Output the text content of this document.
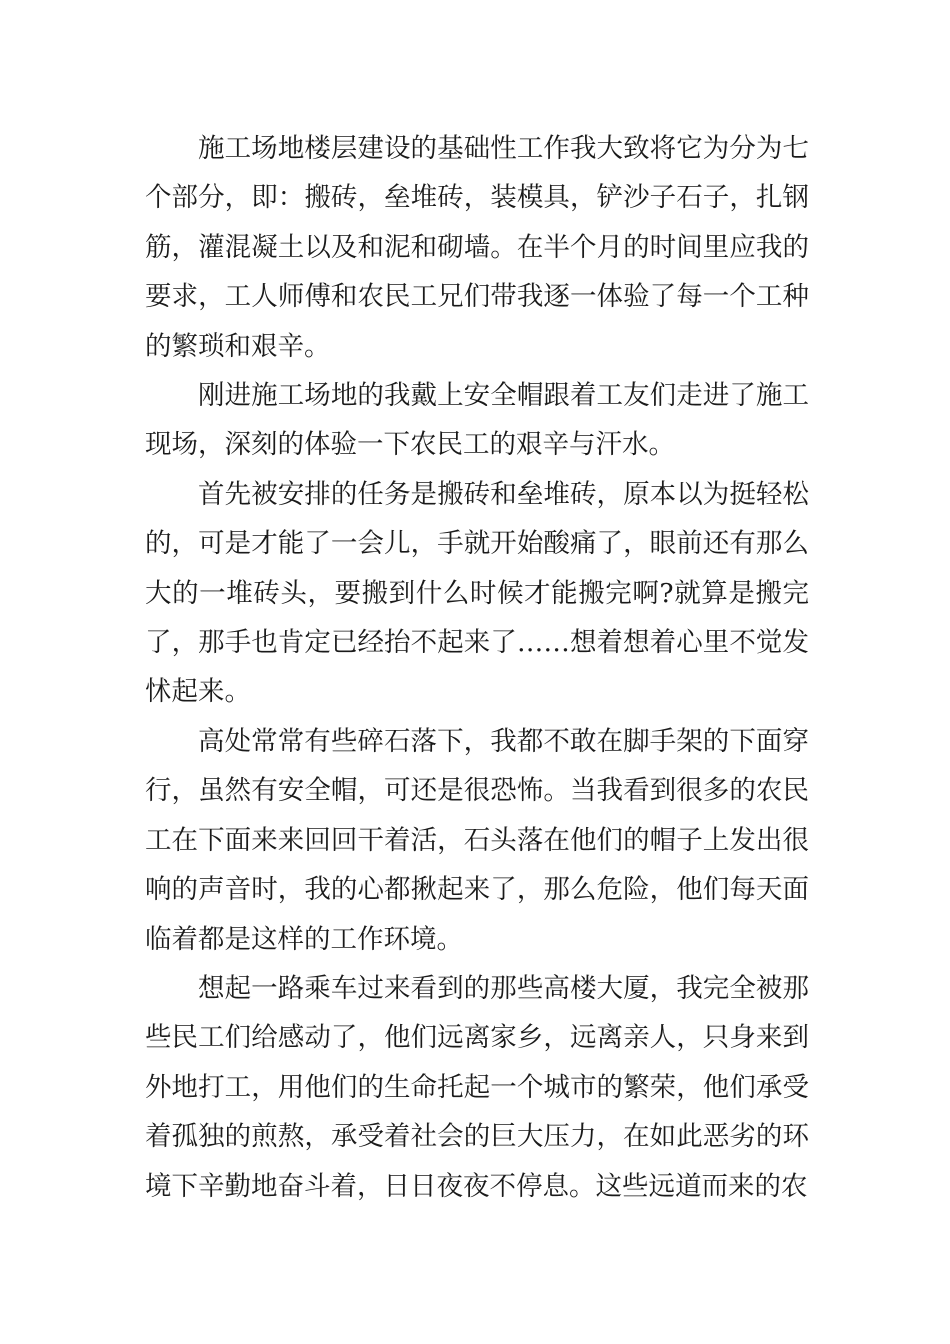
施工场地楼层建设的基础性工作我大致将它为分为七个部分，即：搬砖，垒堆砖，装模具，铲沙子石子，扎钢筋，灌混凝土以及和泥和砌墙。在半个月的时间里应我的要求，工人师傅和农民工兄们带我逐一体验了每一个工种的繁琐和艰辛。

刚进施工场地的我戴上安全帽跟着工友们走进了施工现场，深刻的体验一下农民工的艰辛与汗水。

首先被安排的任务是搬砖和垒堆砖，原本以为挺轻松的，可是才能了一会儿，手就开始酸痛了，眼前还有那么大的一堆砖头，要搬到什么时候才能搬完啊?就算是搬完了，那手也肯定已经抬不起来了……想着想着心里不觉发怵起来。

高处常常有些碎石落下，我都不敢在脚手架的下面穿行，虽然有安全帽，可还是很恐怖。当我看到很多的农民工在下面来来回回干着活，石头落在他们的帽子上发出很响的声音时，我的心都揪起来了，那么危险，他们每天面临着都是这样的工作环境。

想起一路乘车过来看到的那些高楼大厦，我完全被那些民工们给感动了，他们远离家乡，远离亲人，只身来到外地打工，用他们的生命托起一个城市的繁荣，他们承受着孤独的煎熬，承受着社会的巨大压力，在如此恶劣的环境下辛勤地奋斗着，日日夜夜不停息。这些远道而来的农
